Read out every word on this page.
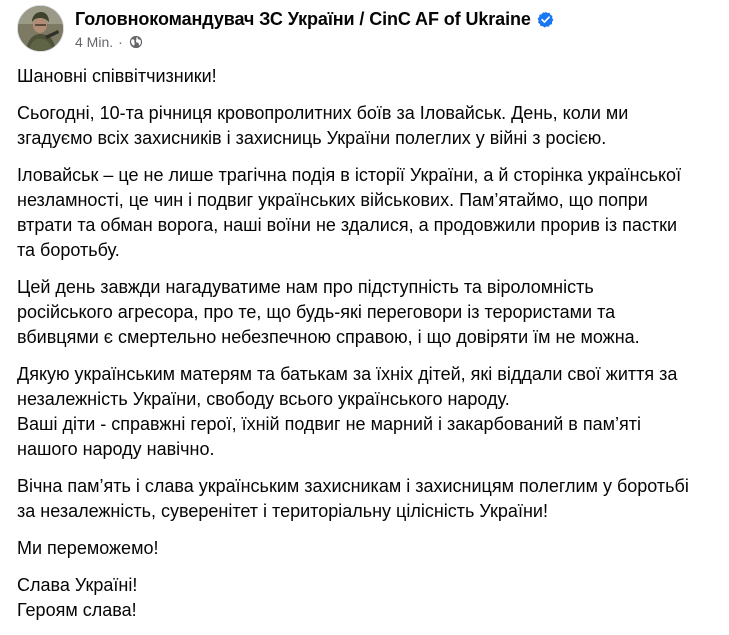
Головнокомандувач ЗС України / CinC AF of Ukraine
4 Min. ·

Шановні співвітчизники!

Сьогодні, 10-та річниця кровопролитних боїв за Іловайськ. День, коли ми
згадуємо всіх захисників і захисниць України полеглих у війні з росією.

Іловайськ – це не лише трагічна подія в історії України, а й сторінка української
незламності, це чин і подвиг українських військових. Пам’ятаймо, що попри
втрати та обман ворога, наші воїни не здалися, а продовжили прорив із пастки
та боротьбу.

Цей день завжди нагадуватиме нам про підступність та віроломність
російського агресора, про те, що будь-які переговори із терористами та
вбивцями є смертельно небезпечною справою, і що довіряти їм не можна.

Дякую українським матерям та батькам за їхніх дітей, які віддали свої життя за
незалежність України, свободу всього українського народу.
Ваші діти - справжні герої, їхній подвиг не марний і закарбований в пам’яті
нашого народу навічно.

Вічна пам’ять і слава українським захисникам і захисницям полеглим у боротьбі
за незалежність, суверенітет і територіальну цілісність України!

Ми переможемо!

Слава Україні!
Героям слава!
